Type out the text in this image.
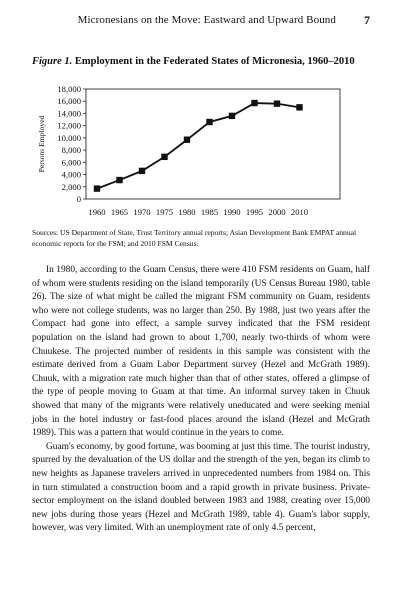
Micronesians on the Move: Eastward and Upward Bound 7
Figure 1. Employment in the Federated States of Micronesia, 1960–2010
0
2,000
4,000
6,000
8,000
10,000
12,000
14,000
16,000
18,000
1960 1965 1970 1975 1980 1985 1990 1995 2000 2010
Persons Employed
Sources: US Department of State, Trust Territory annual reports; Asian Development Bank EMPAT annual economic reports for the FSM; and 2010 FSM Census.

In 1980, according to the Guam Census, there were 410 FSM residents on Guam, half of whom were students residing on the island temporarily (US Census Bureau 1980, table 26). The size of what might be called the migrant FSM community on Guam, residents who were not college students, was no larger than 250. By 1988, just two years after the Compact had gone into effect, a sample survey indicated that the FSM resident population on the island had grown to about 1,700, nearly two-thirds of whom were Chuukese. The projected number of residents in this sample was consistent with the estimate derived from a Guam Labor Department survey (Hezel and McGrath 1989). Chuuk, with a migration rate much higher than that of other states, offered a glimpse of the type of people moving to Guam at that time. An informal survey taken in Chuuk showed that many of the migrants were relatively uneducated and were seeking menial jobs in the hotel industry or fast-food places around the island (Hezel and McGrath 1989). This was a pattern that would continue in the years to come.

Guam's economy, by good fortune, was booming at just this time. The tourist industry, spurred by the devaluation of the US dollar and the strength of the yen, began its climb to new heights as Japanese travelers arrived in unprecedented numbers from 1984 on. This in turn stimulated a construction boom and a rapid growth in private business. Private-sector employment on the island doubled between 1983 and 1988, creating over 15,000 new jobs during those years (Hezel and McGrath 1989, table 4). Guam's labor supply, however, was very limited. With an unemployment rate of only 4.5 percent,
